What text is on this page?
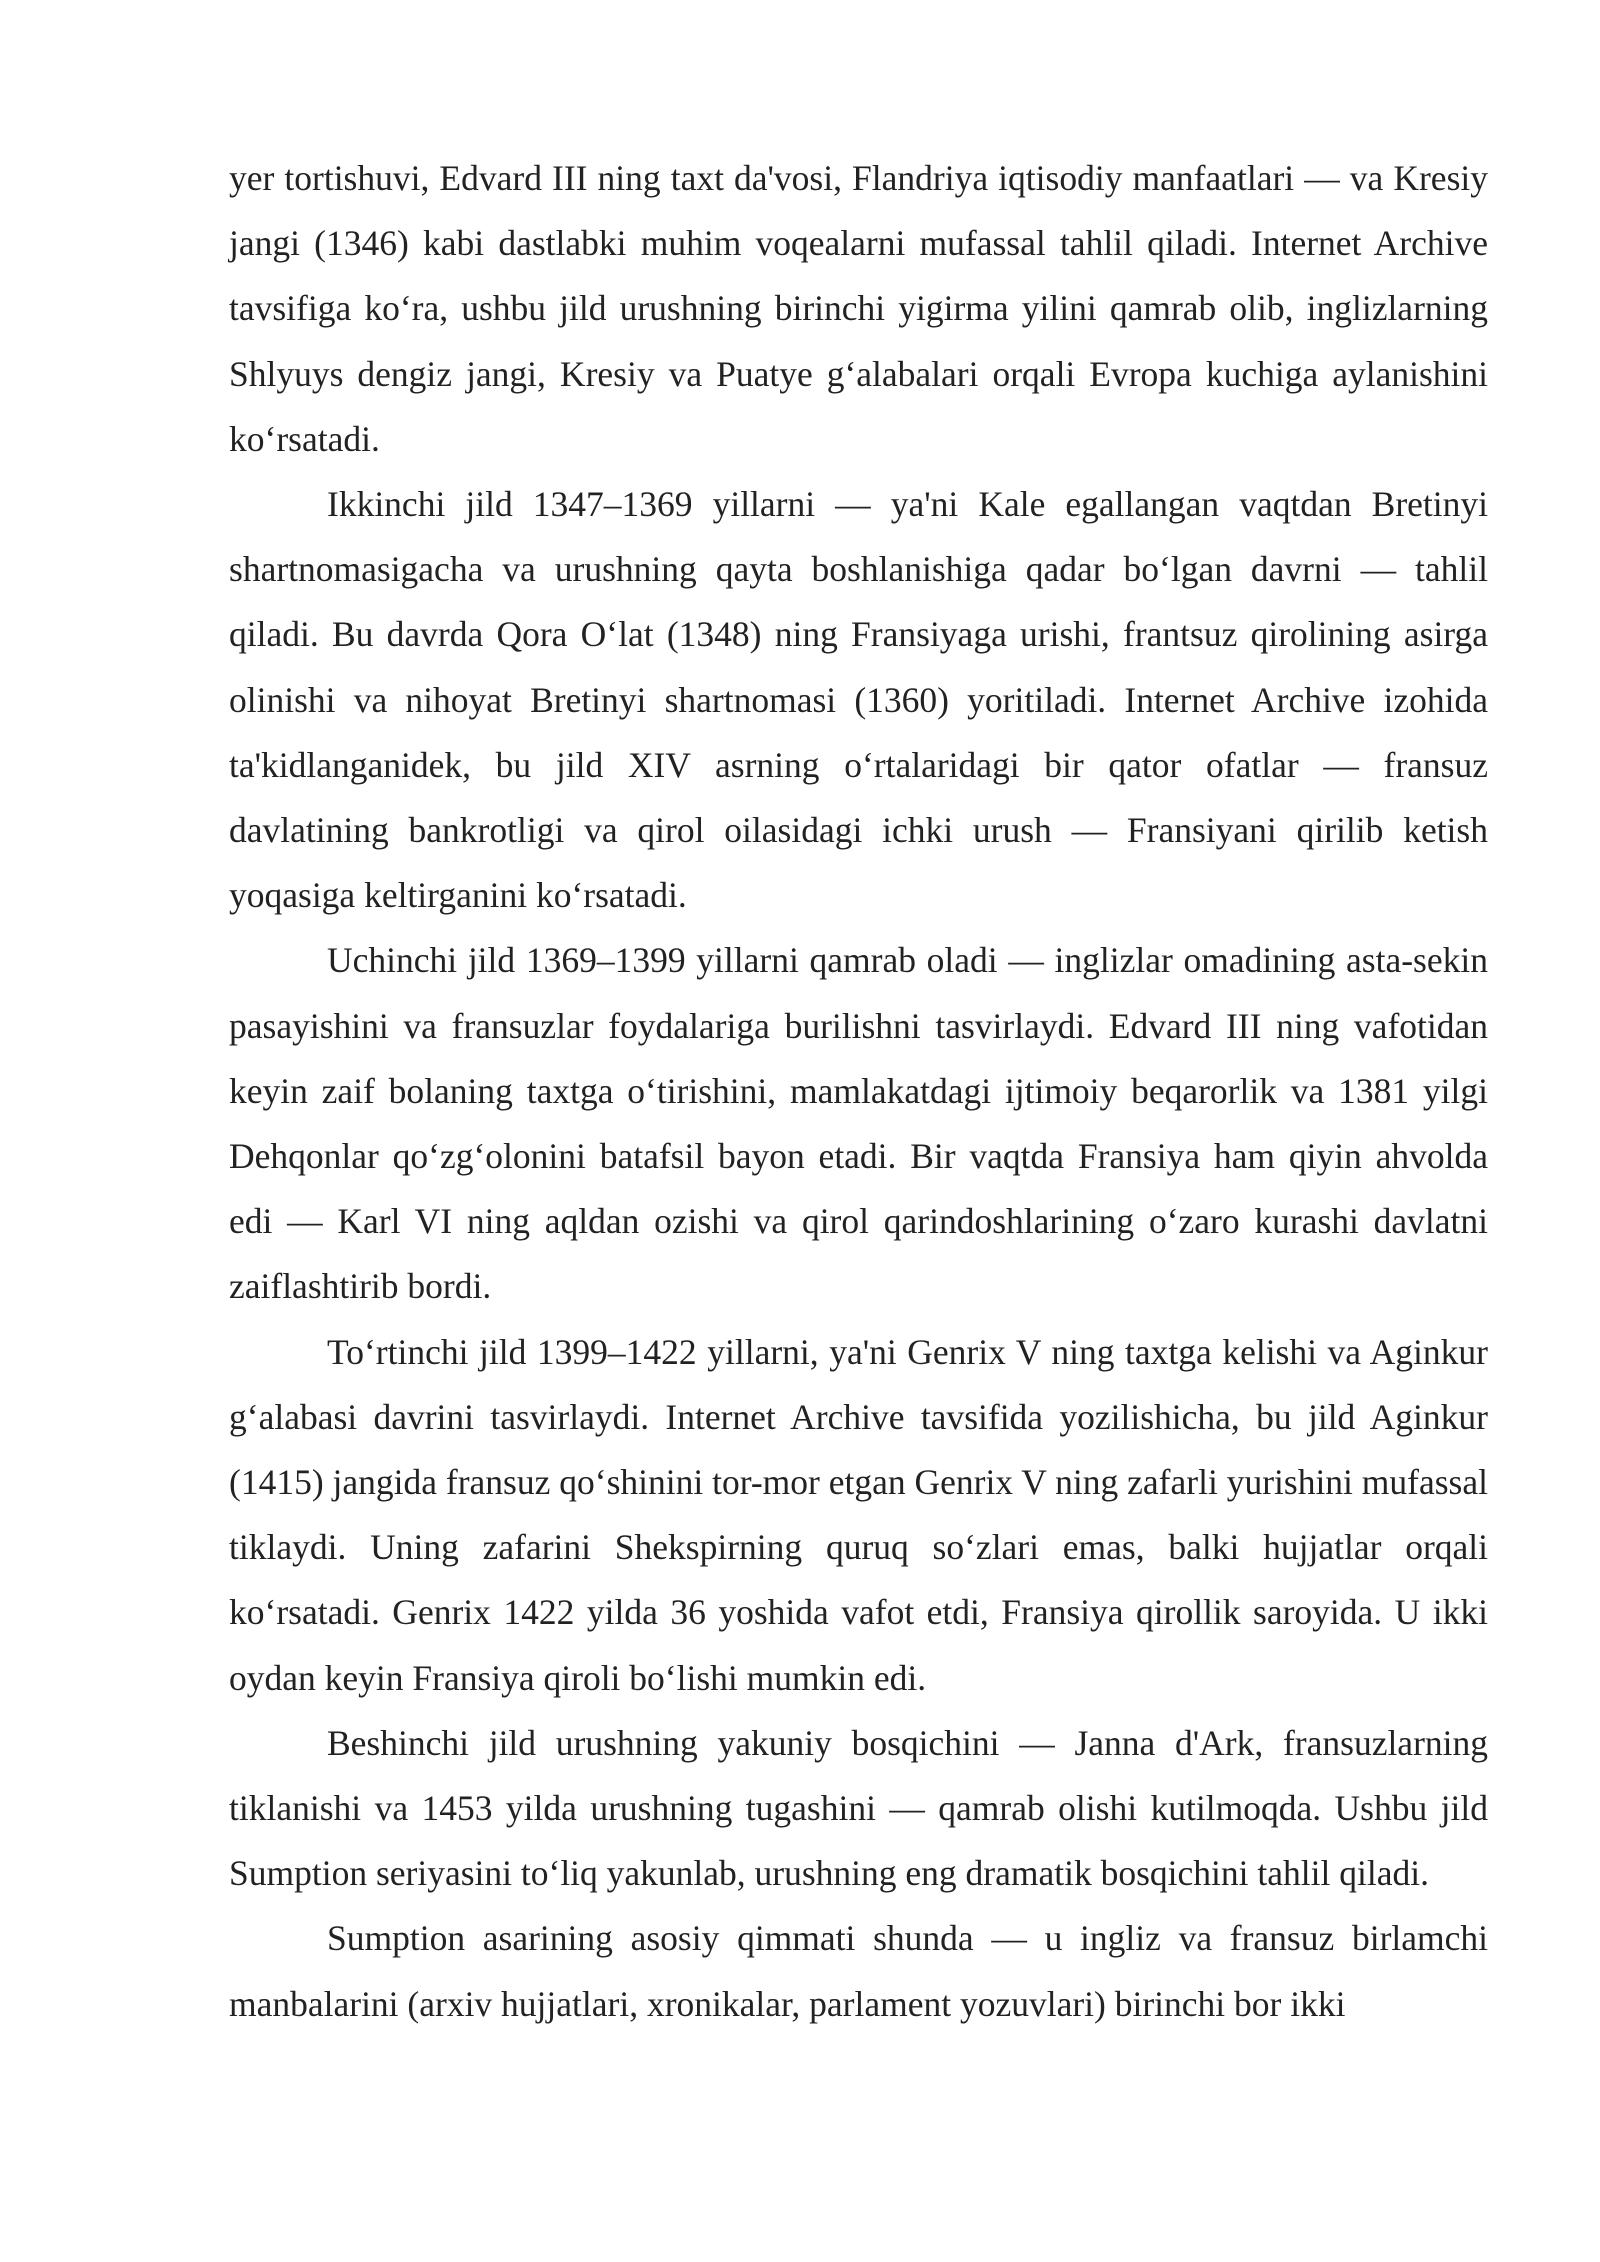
yer tortishuvi, Edvard III ning taxt da'vosi, Flandriya iqtisodiy manfaatlari — va Kresiy jangi (1346) kabi dastlabki muhim voqealarni mufassal tahlil qiladi. Internet Archive tavsifiga ko‘ra, ushbu jild urushning birinchi yigirma yilini qamrab olib, inglizlarning Shlyuys dengiz jangi, Kresiy va Puatye g‘alabalari orqali Evropa kuchiga aylanishini ko‘rsatadi.

Ikkinchi jild 1347–1369 yillarni — ya'ni Kale egallangan vaqtdan Bretinyi shartnomasigacha va urushning qayta boshlanishiga qadar bo‘lgan davrni — tahlil qiladi. Bu davrda Qora O‘lat (1348) ning Fransiyaga urishi, frantsuz qirolining asirga olinishi va nihoyat Bretinyi shartnomasi (1360) yoritiladi. Internet Archive izohida ta'kidlanganidek, bu jild XIV asrning o‘rtalaridagi bir qator ofatlar — fransuz davlatining bankrotligi va qirol oilasidagi ichki urush — Fransiyani qirilib ketish yoqasiga keltirganini ko‘rsatadi.

Uchinchi jild 1369–1399 yillarni qamrab oladi — inglizlar omadining asta-sekin pasayishini va fransuzlar foydalariga burilishni tasvirlaydi. Edvard III ning vafotidan keyin zaif bolaning taxtga o‘tirishini, mamlakatdagi ijtimoiy beqarorlik va 1381 yilgi Dehqonlar qo‘zg‘olonini batafsil bayon etadi. Bir vaqtda Fransiya ham qiyin ahvolda edi — Karl VI ning aqldan ozishi va qirol qarindoshlarining o‘zaro kurashi davlatni zaiflashtirib bordi.

To‘rtinchi jild 1399–1422 yillarni, ya'ni Genrix V ning taxtga kelishi va Aginkur g‘alabasi davrini tasvirlaydi. Internet Archive tavsifida yozilishicha, bu jild Aginkur (1415) jangida fransuz qo‘shinini tor-mor etgan Genrix V ning zafarli yurishini mufassal tiklaydi. Uning zafarini Shekspirning quruq so‘zlari emas, balki hujjatlar orqali ko‘rsatadi. Genrix 1422 yilda 36 yoshida vafot etdi, Fransiya qirollik saroyida. U ikki oydan keyin Fransiya qiroli bo‘lishi mumkin edi.

Beshinchi jild urushning yakuniy bosqichini — Janna d'Ark, fransuzlarning tiklanishi va 1453 yilda urushning tugashini — qamrab olishi kutilmoqda. Ushbu jild Sumption seriyasini to‘liq yakunlab, urushning eng dramatik bosqichini tahlil qiladi.

Sumption asarining asosiy qimmati shunda — u ingliz va fransuz birlamchi manbalarini (arxiv hujjatlari, xronikalar, parlament yozuvlari) birinchi bor ikki
